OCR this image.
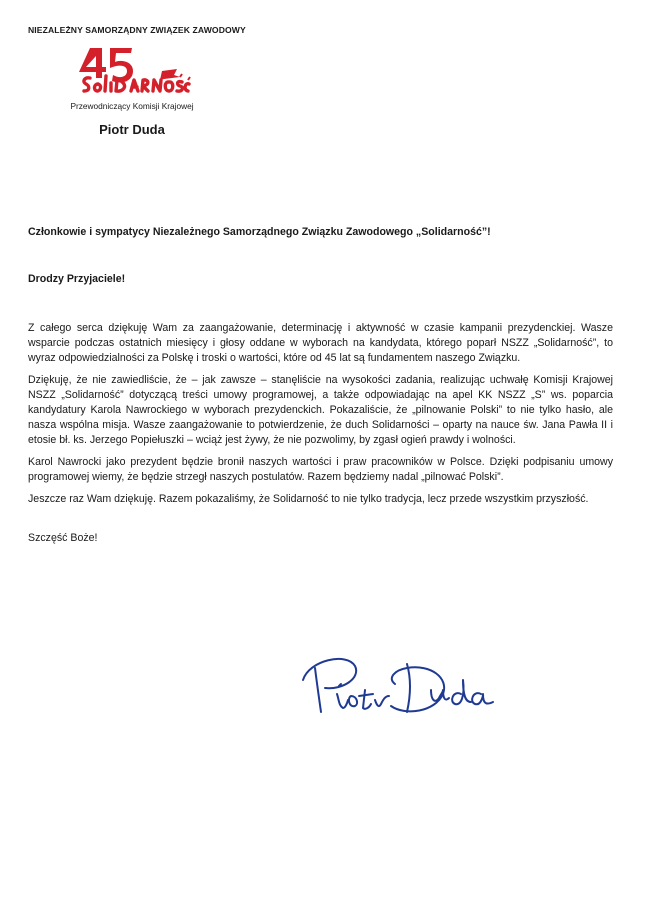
NIEZALEŻNY SAMORZĄDNY ZWIĄZEK ZAWODOWY
Przewodniczący Komisji Krajowej
Piotr Duda

Członkowie i sympatycy Niezależnego Samorządnego Związku Zawodowego „Solidarność”!

Drodzy Przyjaciele!

Z całego serca dziękuję Wam za zaangażowanie, determinację i aktywność w czasie kampanii prezydenckiej. Wasze wsparcie podczas ostatnich miesięcy i głosy oddane w wyborach na kandydata, którego poparł NSZZ „Solidarność”, to wyraz odpowiedzialności za Polskę i troski o wartości, które od 45 lat są fundamentem naszego Związku.

Dziękuję, że nie zawiedliście, że – jak zawsze – stanęliście na wysokości zadania, realizując uchwałę Komisji Krajowej NSZZ „Solidarność” dotyczącą treści umowy programowej, a także odpowiadając na apel KK NSZZ „S” ws. poparcia kandydatury Karola Nawrockiego w wyborach prezydenckich. Pokazaliście, że „pilnowanie Polski” to nie tylko hasło, ale nasza wspólna misja. Wasze zaangażowanie to potwierdzenie, że duch Solidarności – oparty na nauce św. Jana Pawła II i etosie bł. ks. Jerzego Popiełuszki – wciąż jest żywy, że nie pozwolimy, by zgasł ogień prawdy i wolności.

Karol Nawrocki jako prezydent będzie bronił naszych wartości i praw pracowników w Polsce. Dzięki podpisaniu umowy programowej wiemy, że będzie strzegł naszych postulatów. Razem będziemy nadal „pilnować Polski”.

Jeszcze raz Wam dziękuję. Razem pokazaliśmy, że Solidarność to nie tylko tradycja, lecz przede wszystkim przyszłość.

Szczęść Boże!
